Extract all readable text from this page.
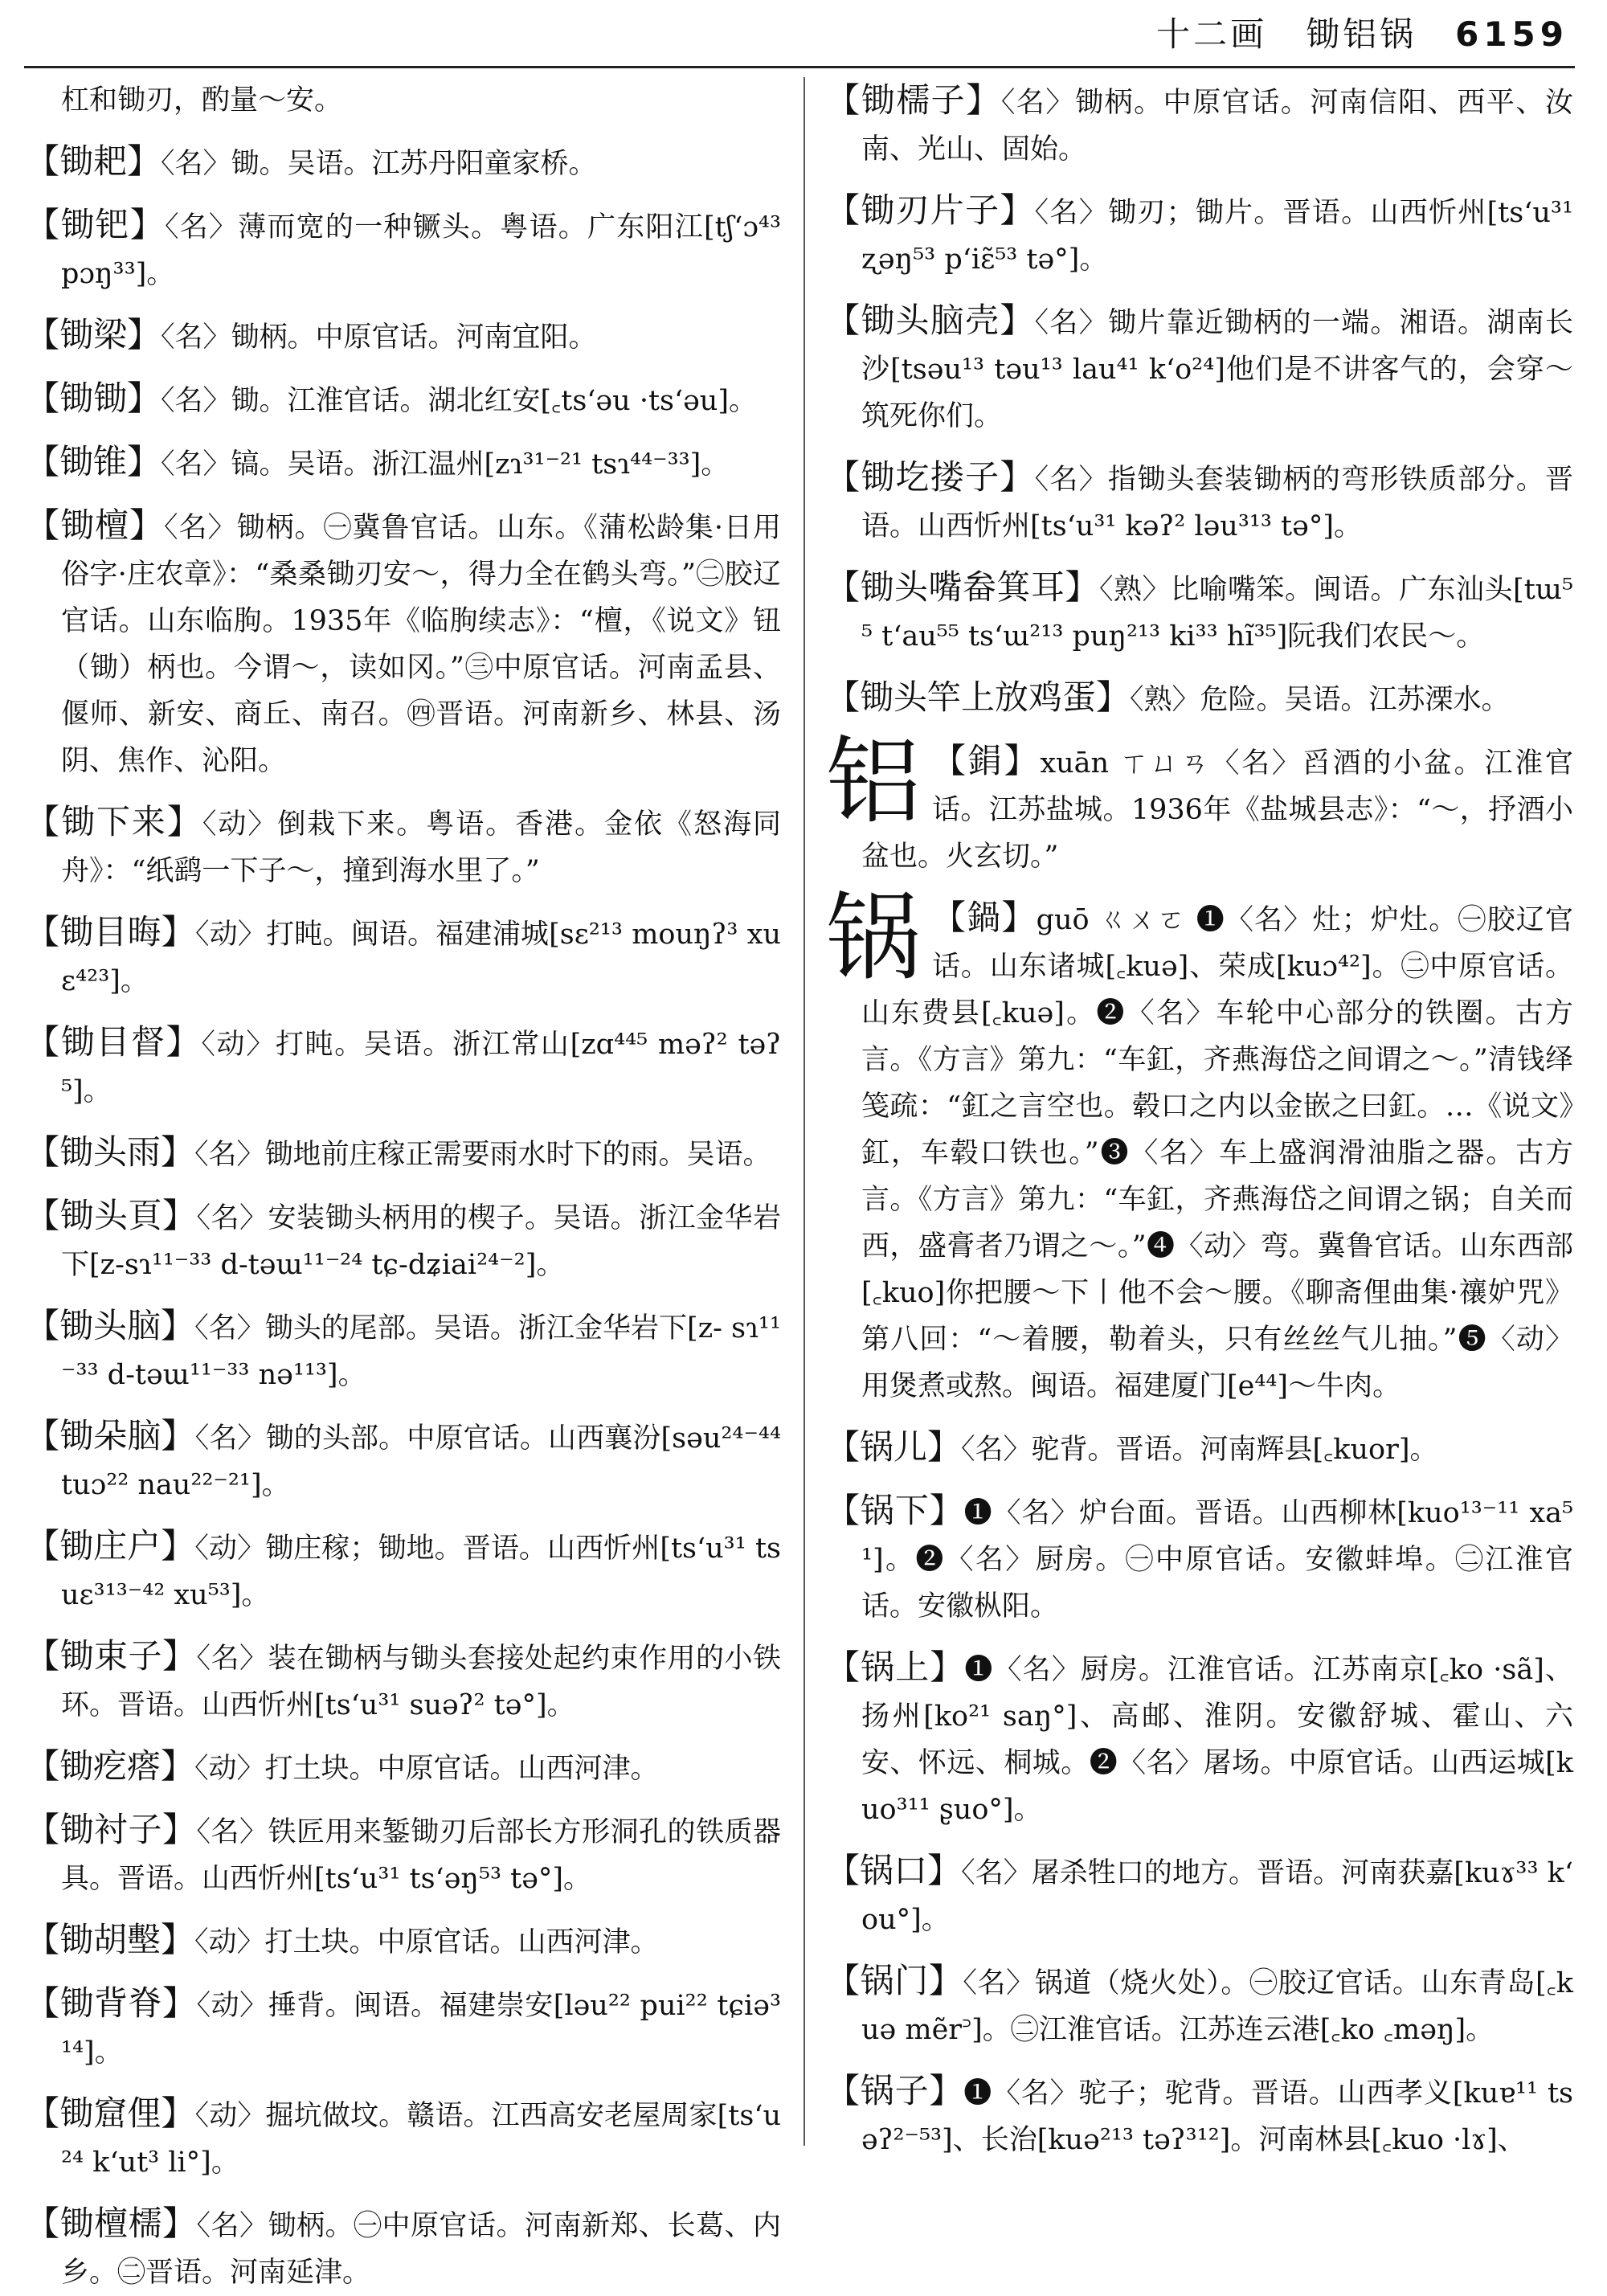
十二画 锄铝锅 6159

杠和锄刃，酌量～安。

【锄耙】〈名〉锄。吴语。江苏丹阳童家桥。

【锄钯】〈名〉薄而宽的一种镢头。粤语。广东阳江[tʃʻɔ⁴³ pɔŋ³³]。

【锄梁】〈名〉锄柄。中原官话。河南宜阳。

【锄锄】〈名〉锄。江淮官话。湖北红安[꜀tsʻəu ·tsʻəu]。

【锄锥】〈名〉镐。吴语。浙江温州[zɿ³¹⁻²¹ tsɿ⁴⁴⁻³³]。

【锄檀】〈名〉锄柄。㊀冀鲁官话。山东。《蒲松龄集·日用俗字·庄农章》：“桑桑锄刃安～，得力全在鹤头弯。”㊁胶辽官话。山东临朐。1935年《临朐续志》：“檀，《说文》钮（锄）柄也。今谓～，读如冈。”㊂中原官话。河南孟县、偃师、新安、商丘、南召。㊃晋语。河南新乡、林县、汤阴、焦作、沁阳。

【锄下来】〈动〉倒栽下来。粤语。香港。金依《怒海同舟》：“纸鹞一下子～，撞到海水里了。”

【锄目晦】〈动〉打盹。闽语。福建浦城[sɛ²¹³ mouŋʔ³ xuɛ⁴²³]。

【锄目督】〈动〉打盹。吴语。浙江常山[zɑ⁴⁴⁵ məʔ² təʔ⁵]。

【锄头雨】〈名〉锄地前庄稼正需要雨水时下的雨。吴语。

【锄头頁】〈名〉安装锄头柄用的楔子。吴语。浙江金华岩下[z-sɿ¹¹⁻³³ d-təɯ¹¹⁻²⁴ tɕ-dʑiai²⁴⁻²]。

【锄头脑】〈名〉锄头的尾部。吴语。浙江金华岩下[z- sɿ¹¹⁻³³ d-təɯ¹¹⁻³³ nə¹¹³]。

【锄朵脑】〈名〉锄的头部。中原官话。山西襄汾[səu²⁴⁻⁴⁴ tuɔ²² nau²²⁻²¹]。

【锄庄户】〈动〉锄庄稼；锄地。晋语。山西忻州[tsʻu³¹ tsuɛ³¹³⁻⁴² xu⁵³]。

【锄束子】〈名〉装在锄柄与锄头套接处起约束作用的小铁环。晋语。山西忻州[tsʻu³¹ suəʔ² tə°]。

【锄疙瘩】〈动〉打土块。中原官话。山西河津。

【锄衬子】〈名〉铁匠用来錾锄刃后部长方形洞孔的铁质器具。晋语。山西忻州[tsʻu³¹ tsʻəŋ⁵³ tə°]。

【锄胡墼】〈动〉打土块。中原官话。山西河津。

【锄背脊】〈动〉捶背。闽语。福建崇安[ləu²² pui²² tɕiə³¹⁴]。

【锄窟俚】〈动〉掘坑做坟。赣语。江西高安老屋周家[tsʻu²⁴ kʻut³ li°]。

【锄檀檽】〈名〉锄柄。㊀中原官话。河南新郑、长葛、内乡。㊁晋语。河南延津。

【锄檽子】〈名〉锄柄。中原官话。河南信阳、西平、汝南、光山、固始。

【锄刃片子】〈名〉锄刃；锄片。晋语。山西忻州[tsʻu³¹ ʐəŋ⁵³ pʻiɛ̃⁵³ tə°]。

【锄头脑壳】〈名〉锄片靠近锄柄的一端。湘语。湖南长沙[tsəu¹³ təu¹³ lau⁴¹ kʻo²⁴]他们是不讲客气的，会穿～筑死你们。

【锄圪搂子】〈名〉指锄头套装锄柄的弯形铁质部分。晋语。山西忻州[tsʻu³¹ kəʔ² ləu³¹³ tə°]。

【锄头嘴畚箕耳】〈熟〉比喻嘴笨。闽语。广东汕头[tɯ⁵⁵ tʻau⁵⁵ tsʻɯ²¹³ puŋ²¹³ ki³³ hĩ³⁵]阮我们农民～。

【锄头竿上放鸡蛋】〈熟〉危险。吴语。江苏溧水。

铝 【鋗】xuān ㄒㄩㄢ〈名〉舀酒的小盆。江淮官话。江苏盐城。1936年《盐城县志》：“～，抒酒小盆也。火玄切。”

锅 【鍋】guō ㄍㄨㄛ ❶〈名〉灶；炉灶。㊀胶辽官话。山东诸城[꜀kuə]、荣成[kuɔ⁴²]。㊁中原官话。山东费县[꜀kuə]。❷〈名〉车轮中心部分的铁圈。古方言。《方言》第九：“车釭，齐燕海岱之间谓之～。”清钱绎笺疏：“釭之言空也。毂口之内以金嵌之曰釭。…《说文》釭，车毂口铁也。”❸〈名〉车上盛润滑油脂之器。古方言。《方言》第九：“车釭，齐燕海岱之间谓之锅；自关而西，盛膏者乃谓之～。”❹〈动〉弯。冀鲁官话。山东西部[꜀kuo]你把腰～下丨他不会～腰。《聊斋俚曲集·禳妒咒》第八回：“～着腰，勒着头，只有丝丝气儿抽。”❺〈动〉用煲煮或熬。闽语。福建厦门[e⁴⁴]～牛肉。

【锅儿】〈名〉驼背。晋语。河南辉县[꜀kuor]。

【锅下】❶〈名〉炉台面。晋语。山西柳林[kuo¹³⁻¹¹ xa⁵¹]。❷〈名〉厨房。㊀中原官话。安徽蚌埠。㊁江淮官话。安徽枞阳。

【锅上】❶〈名〉厨房。江淮官话。江苏南京[꜀ko ·sã]、扬州[ko²¹ saŋ°]、高邮、淮阴。安徽舒城、霍山、六安、怀远、桐城。❷〈名〉屠场。中原官话。山西运城[kuo³¹¹ ʂuo°]。

【锅口】〈名〉屠杀牲口的地方。晋语。河南获嘉[kuɤ³³ kʻou°]。

【锅门】〈名〉锅道（烧火处）。㊀胶辽官话。山东青岛[꜀kuə mẽr꜄]。㊁江淮官话。江苏连云港[꜀ko ꜀məŋ]。

【锅子】❶〈名〉驼子；驼背。晋语。山西孝义[kuɐ¹¹ tsəʔ²⁻⁵³]、长治[kuə²¹³ təʔ³¹²]。河南林县[꜀kuo ·lɤ]、
